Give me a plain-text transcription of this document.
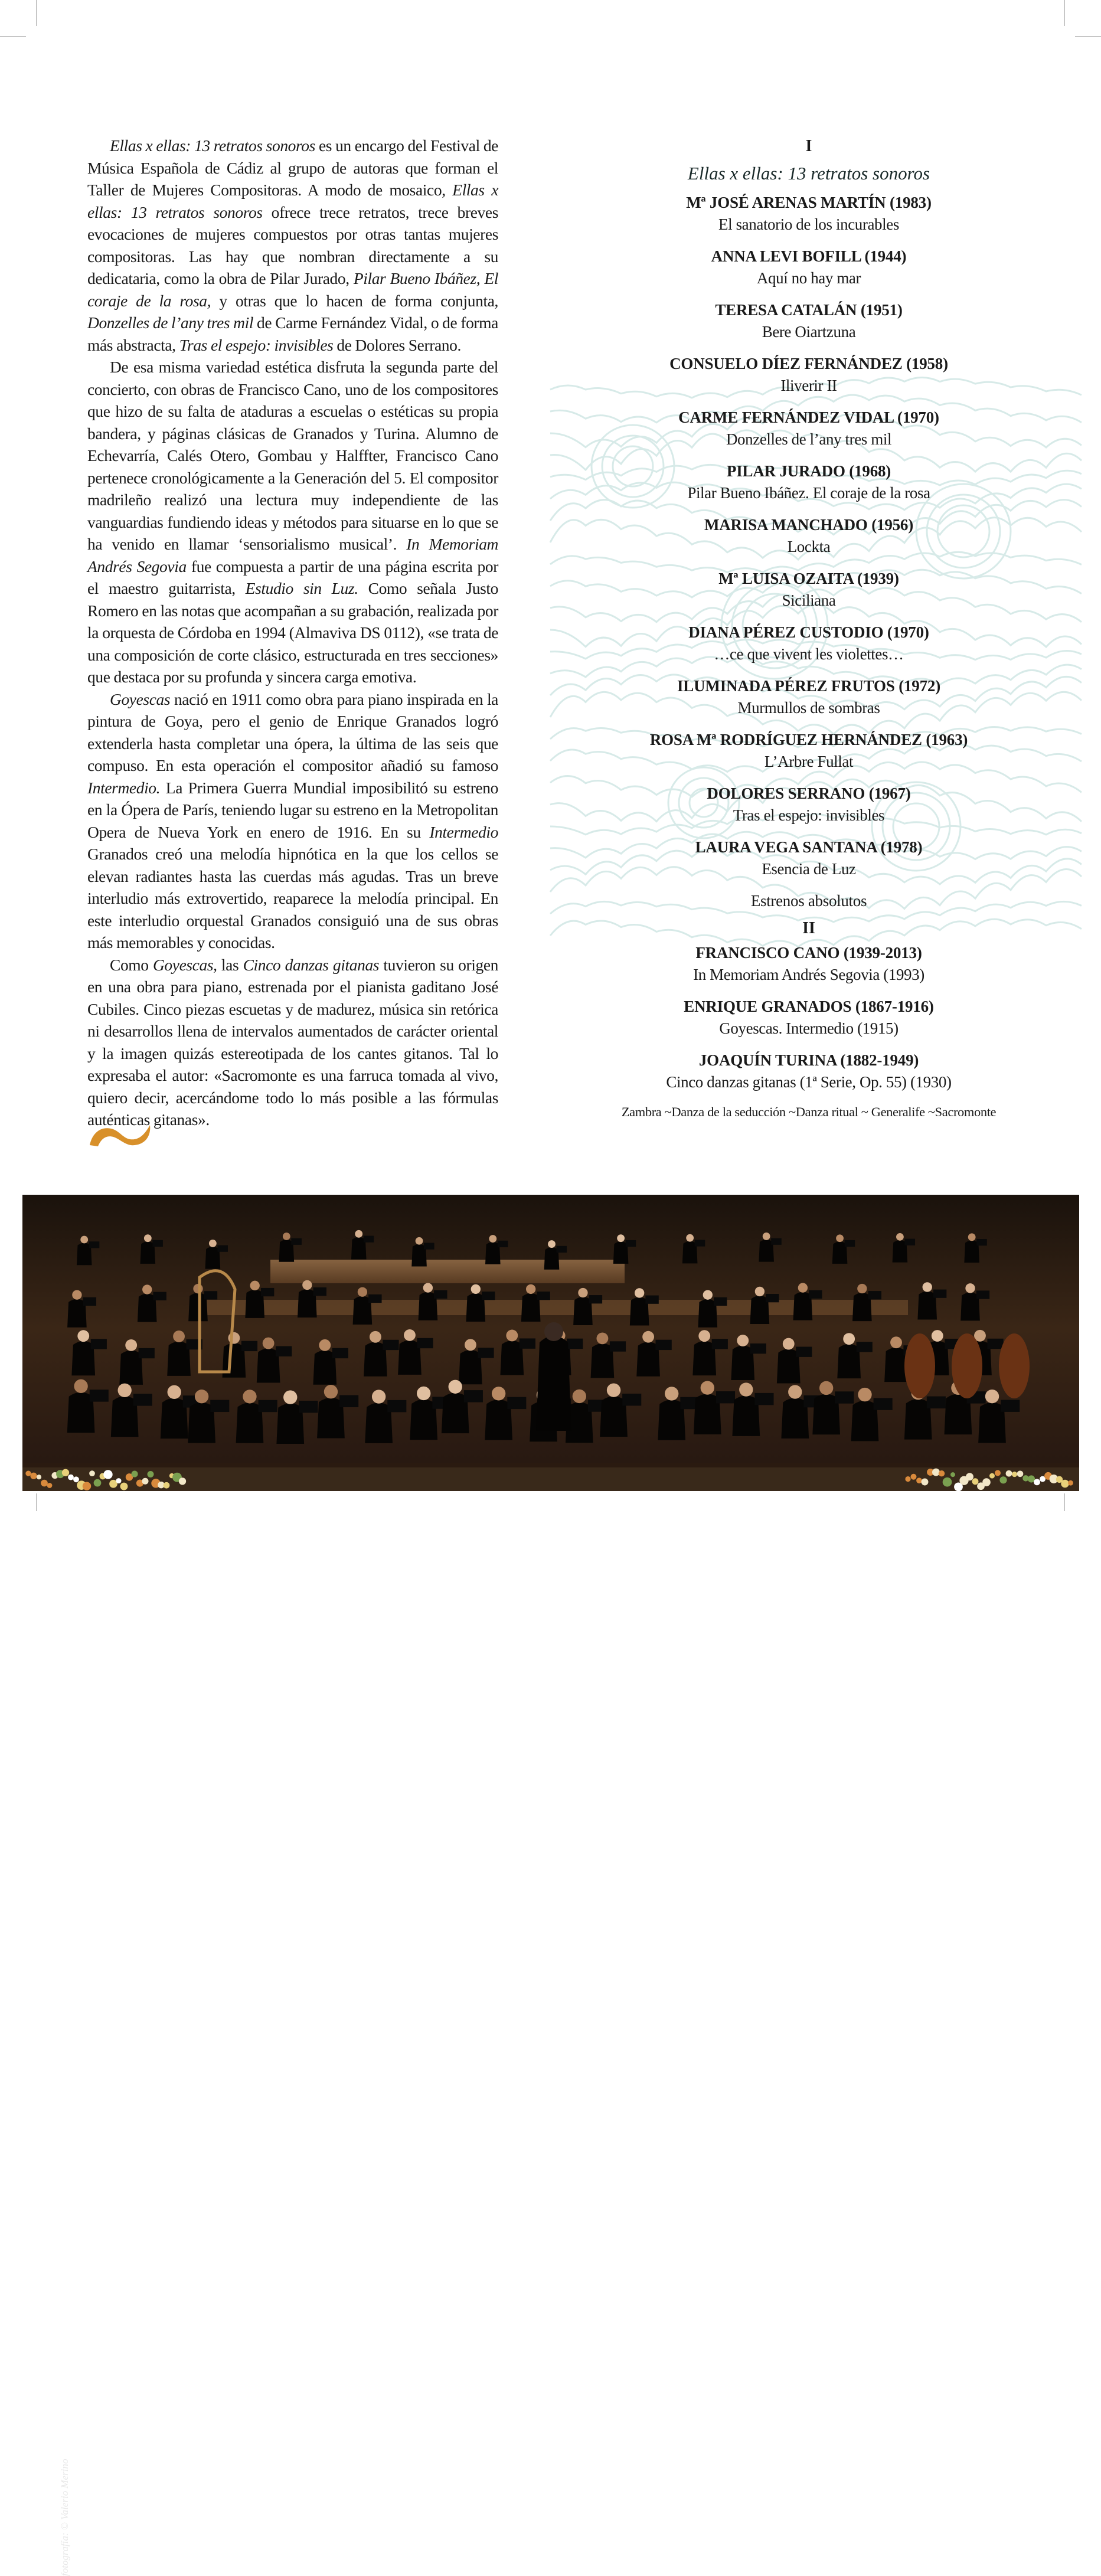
Ellas x ellas: 13 retratos sonoros es un encargo del Festival de Música Española de Cádiz al grupo de autoras que forman el Taller de Mujeres Compositoras. A modo de mosaico, Ellas x ellas: 13 retratos sonoros ofrece trece retratos, trece breves evocaciones de mujeres compuestos por otras tantas mujeres compositoras. Las hay que nombran directamente a su dedicataria, como la obra de Pilar Jurado, Pilar Bueno Ibáñez, El coraje de la rosa, y otras que lo hacen de forma conjunta, Donzelles de l’any tres mil de Carme Fernández Vidal, o de forma más abstracta, Tras el espejo: invisibles de Dolores Serrano.

De esa misma variedad estética disfruta la segunda parte del concierto, con obras de Francisco Cano, uno de los compositores que hizo de su falta de ataduras a escuelas o estéticas su propia bandera, y páginas clásicas de Granados y Turina. Alumno de Echevarría, Calés Otero, Gombau y Halffter, Francisco Cano pertenece cronológicamente a la Generación del 5. El compositor madrileño realizó una lectura muy independiente de las vanguardias fundiendo ideas y métodos para situarse en lo que se ha venido en llamar ‘sensorialismo musical’. In Memoriam Andrés Segovia fue compuesta a partir de una página escrita por el maestro guitarrista, Estudio sin Luz. Como señala Justo Romero en las notas que acompañan a su grabación, realizada por la orquesta de Córdoba en 1994 (Almaviva DS 0112), «se trata de una composición de corte clásico, estructurada en tres secciones» que destaca por su profunda y sincera carga emotiva.

Goyescas nació en 1911 como obra para piano inspirada en la pintura de Goya, pero el genio de Enrique Granados logró extenderla hasta completar una ópera, la última de las seis que compuso. En esta operación el compositor añadió su famoso Intermedio. La Primera Guerra Mundial imposibilitó su estreno en la Ópera de París, teniendo lugar su estreno en la Metropolitan Opera de Nueva York en enero de 1916. En su Intermedio Granados creó una melodía hipnótica en la que los cellos se elevan radiantes hasta las cuerdas más agudas. Tras un breve interludio más extrovertido, reaparece la melodía principal. En este interludio orquestal Granados consiguió una de sus obras más memorables y conocidas.

Como Goyescas, las Cinco danzas gitanas tuvieron su origen en una obra para piano, estrenada por el pianista gaditano José Cubiles. Cinco piezas escuetas y de madurez, música sin retórica ni desarrollos llena de intervalos aumentados de carácter oriental y la imagen quizás estereotipada de los cantes gitanos. Tal lo expresaba el autor: «Sacromonte es una farruca tomada al vivo, quiero decir, acercándome todo lo más posible a las fórmulas auténticas gitanas».

I
Ellas x ellas: 13 retratos sonoros
Mª JOSÉ ARENAS MARTÍN (1983)
El sanatorio de los incurables
ANNA LEVI BOFILL (1944)
Aquí no hay mar
TERESA CATALÁN (1951)
Bere Oiartzuna
CONSUELO DÍEZ FERNÁNDEZ (1958)
Iliverir II
CARME FERNÁNDEZ VIDAL (1970)
Donzelles de l’any tres mil
PILAR JURADO (1968)
Pilar Bueno Ibáñez. El coraje de la rosa
MARISA MANCHADO (1956)
Lockta
Mª LUISA OZAITA (1939)
Siciliana
DIANA PÉREZ CUSTODIO (1970)
…ce que vivent les violettes…
ILUMINADA PÉREZ FRUTOS (1972)
Murmullos de sombras
ROSA Mª RODRÍGUEZ HERNÁNDEZ (1963)
L’Arbre Fullat
DOLORES SERRANO (1967)
Tras el espejo: invisibles
LAURA VEGA SANTANA (1978)
Esencia de Luz
Estrenos absolutos
II
FRANCISCO CANO (1939-2013)
In Memoriam Andrés Segovia (1993)
ENRIQUE GRANADOS (1867-1916)
Goyescas. Intermedio (1915)
JOAQUÍN TURINA (1882-1949)
Cinco danzas gitanas (1ª Serie, Op. 55) (1930)
Zambra ~Danza de la seducción ~Danza ritual ~ Generalife ~Sacromonte
fotografía: © Valerio Merino
